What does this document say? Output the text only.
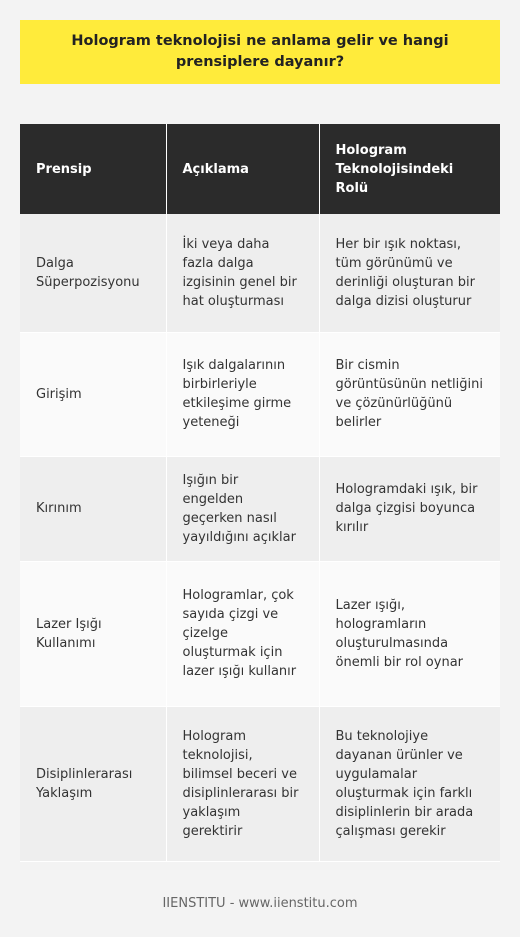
Hologram teknolojisi ne anlama gelir ve hangi prensiplere dayanır?
Prensip	Açıklama	Hologram Teknolojisindeki Rolü
Dalga Süperpozisyonu	İki veya daha fazla dalga izgisinin genel bir hat oluşturması	Her bir ışık noktası, tüm görünümü ve derinliği oluşturan bir dalga dizisi oluşturur
Girişim	Işık dalgalarının birbirleriyle etkileşime girme yeteneği	Bir cismin görüntüsünün netliğini ve çözünürlüğünü belirler
Kırınım	Işığın bir engelden geçerken nasıl yayıldığını açıklar	Hologramdaki ışık, bir dalga çizgisi boyunca kırılır
Lazer Işığı Kullanımı	Hologramlar, çok sayıda çizgi ve çizelge oluşturmak için lazer ışığı kullanır	Lazer ışığı, hologramların oluşturulmasında önemli bir rol oynar
Disiplinlerarası Yaklaşım	Hologram teknolojisi, bilimsel beceri ve disiplinlerarası bir yaklaşım gerektirir	Bu teknolojiye dayanan ürünler ve uygulamalar oluşturmak için farklı disiplinlerin bir arada çalışması gerekir
IIENSTITU - www.iienstitu.com
